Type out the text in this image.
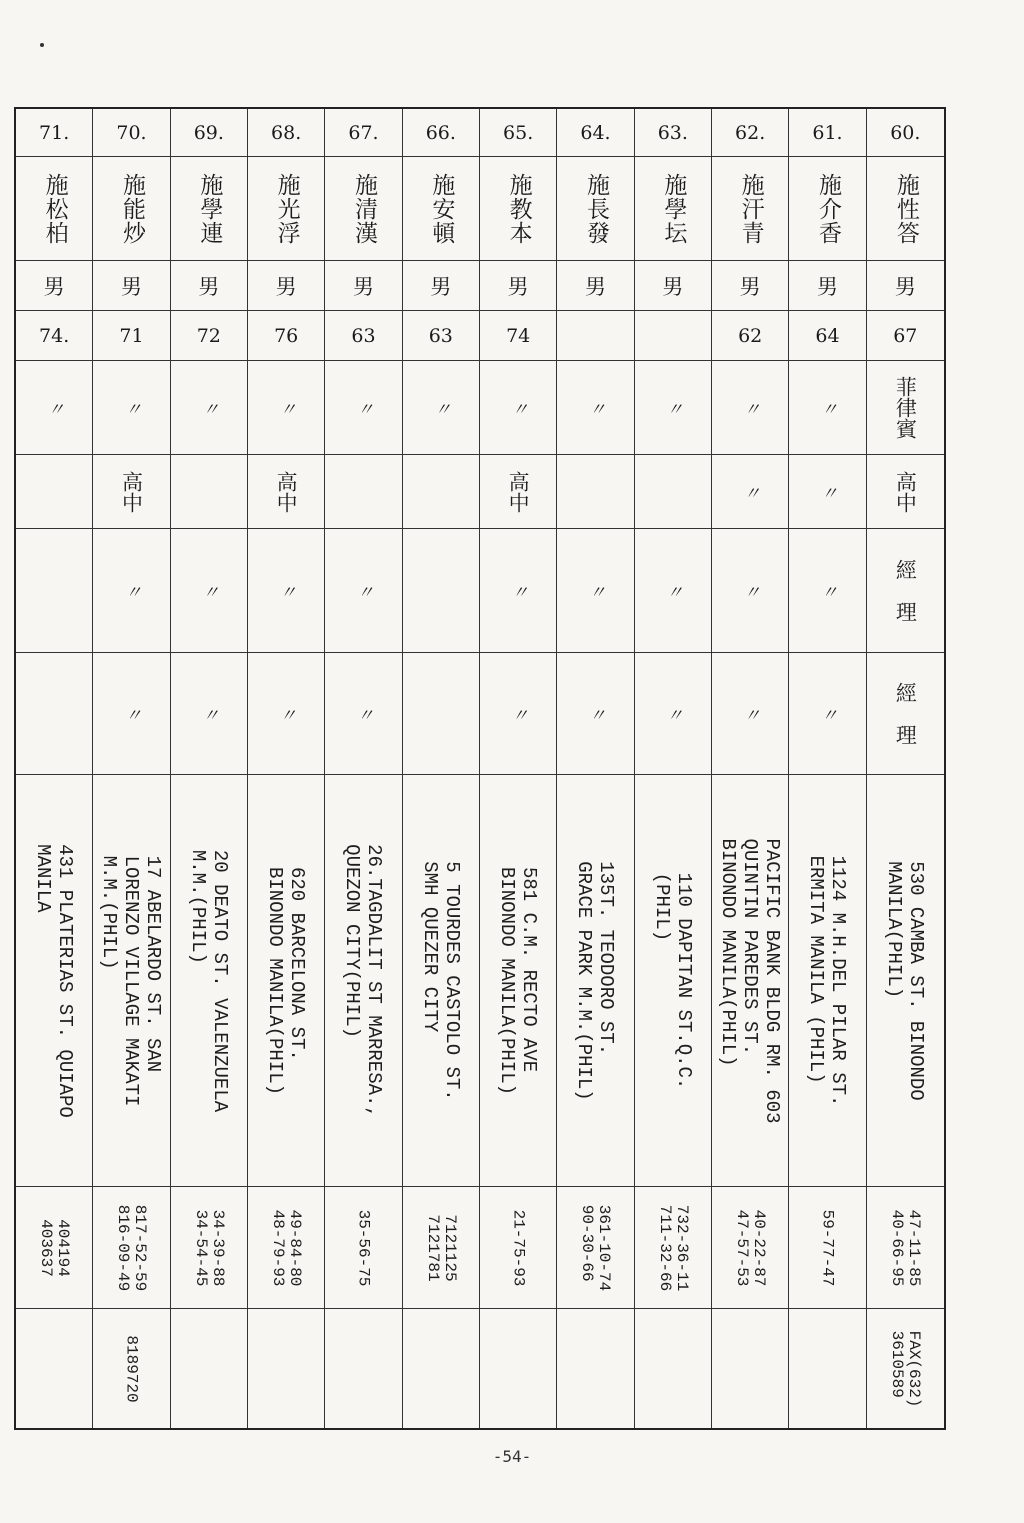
71.
施松柏
男
74.
〃
431 PLATERIAS ST. QUIAPO
MANILA
404194
403637
70.
施能炒
男
71
〃
高中
〃
〃
17 ABELARDO ST. SAN
LORENZO VILLAGE MAKATI
M.M.(PHIL)
817-52-59
816-09-49
8189720
69.
施學連
男
72
〃
〃
〃
20 DEATO ST. VALENZUELA
M.M.(PHIL)
34-39-88
34-54-45
68.
施光浮
男
76
〃
高中
〃
〃
620 BARCELONA ST.
BINONDO MANILA(PHIL)
49-84-80
48-79-93
67.
施清漢
男
63
〃
〃
〃
26.TAGDALIT ST MARRESA.,
QUEZON CITY(PHIL)
35-56-75
66.
施安頓
男
63
〃
5 TOURDES CASTOLO ST.
SMH QUEZER CITY
7121125
7121781
65.
施教本
男
74
〃
高中
〃
〃
581 C.M. RECTO AVE
BINONDO MANILA(PHIL)
21-75-93
64.
施長發
男
〃
〃
〃
135T. TEODORO ST.
GRACE PARK M.M.(PHIL)
361-10-74
90-30-66
63.
施學坛
男
〃
〃
〃
110 DAPITAN ST.Q.C.
(PHIL)
732-36-11
711-32-66
62.
施汗青
男
62
〃
〃
〃
〃
PACIFIC BANK BLDG RM. 603
QUINTIN PAREDES ST.
BINONDO MANILA(PHIL)
40-22-87
47-57-53
61.
施介香
男
64
〃
〃
〃
〃
1124 M.H.DEL PILAR ST.
ERMITA MANILA (PHIL)
59-77-47
60.
施性答
男
67
菲律賓
高中
經　理
經　理
530 CAMBA ST. BINONDO
MANILA(PHIL)
47-11-85
40-66-95
FAX(632)
3610589
-54-
